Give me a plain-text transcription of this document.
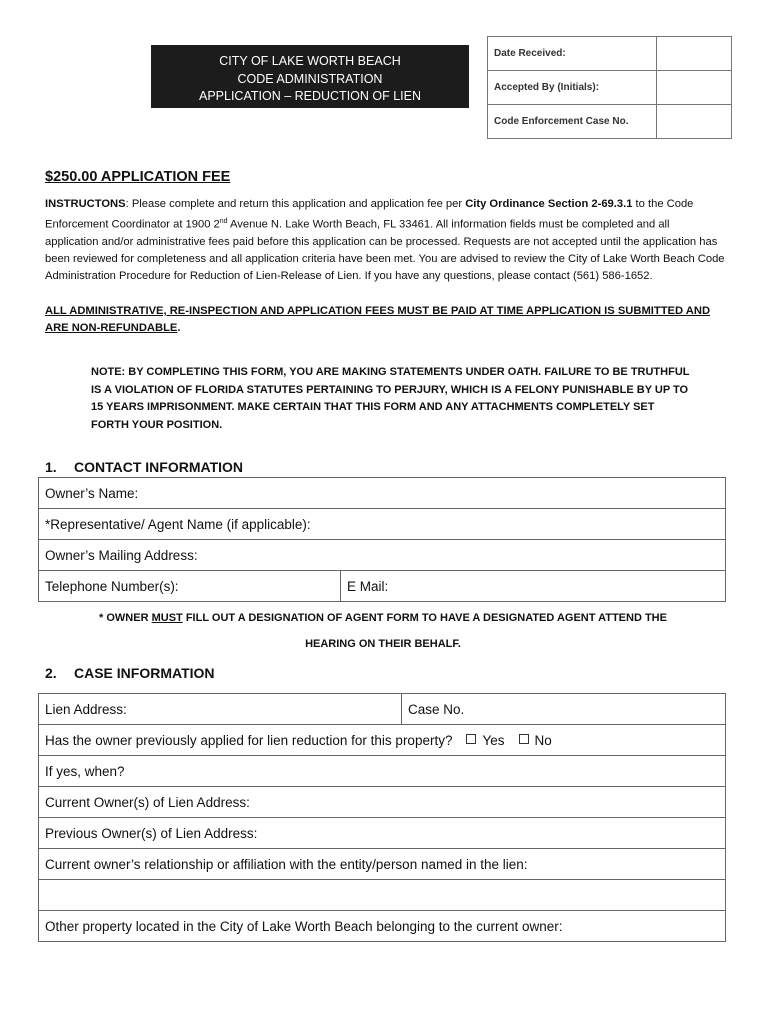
CITY OF LAKE WORTH BEACH
CODE ADMINISTRATION
APPLICATION – REDUCTION OF LIEN
Date Received:	
Accepted By (Initials):	
Code Enforcement Case No.	
$250.00 APPLICATION FEE
INSTRUCTONS: Please complete and return this application and application fee per City Ordinance Section 2-69.3.1 to the Code Enforcement Coordinator at 1900 2nd Avenue N. Lake Worth Beach, FL 33461. All information fields must be completed and all application and/or administrative fees paid before this application can be processed. Requests are not accepted until the application has been reviewed for completeness and all application criteria have been met. You are advised to review the City of Lake Worth Beach Code Administration Procedure for Reduction of Lien-Release of Lien. If you have any questions, please contact (561) 586-1652.
ALL ADMINISTRATIVE, RE-INSPECTION AND APPLICATION FEES MUST BE PAID AT TIME APPLICATION IS SUBMITTED AND ARE NON-REFUNDABLE.
NOTE: BY COMPLETING THIS FORM, YOU ARE MAKING STATEMENTS UNDER OATH. FAILURE TO BE TRUTHFUL IS A VIOLATION OF FLORIDA STATUTES PERTAINING TO PERJURY, WHICH IS A FELONY PUNISHABLE BY UP TO 15 YEARS IMPRISONMENT. MAKE CERTAIN THAT THIS FORM AND ANY ATTACHMENTS COMPLETELY SET FORTH YOUR POSITION.
1. CONTACT INFORMATION
Owner’s Name:
*Representative/ Agent Name (if applicable):
Owner’s Mailing Address:
Telephone Number(s):	E Mail:
* OWNER MUST FILL OUT A DESIGNATION OF AGENT FORM TO HAVE A DESIGNATED AGENT ATTEND THE
HEARING ON THEIR BEHALF.
2. CASE INFORMATION
Lien Address:	Case No.
Has the owner previously applied for lien reduction for this property? Yes No
If yes, when?
Current Owner(s) of Lien Address:
Previous Owner(s) of Lien Address:
Current owner’s relationship or affiliation with the entity/person named in the lien:

Other property located in the City of Lake Worth Beach belonging to the current owner:
